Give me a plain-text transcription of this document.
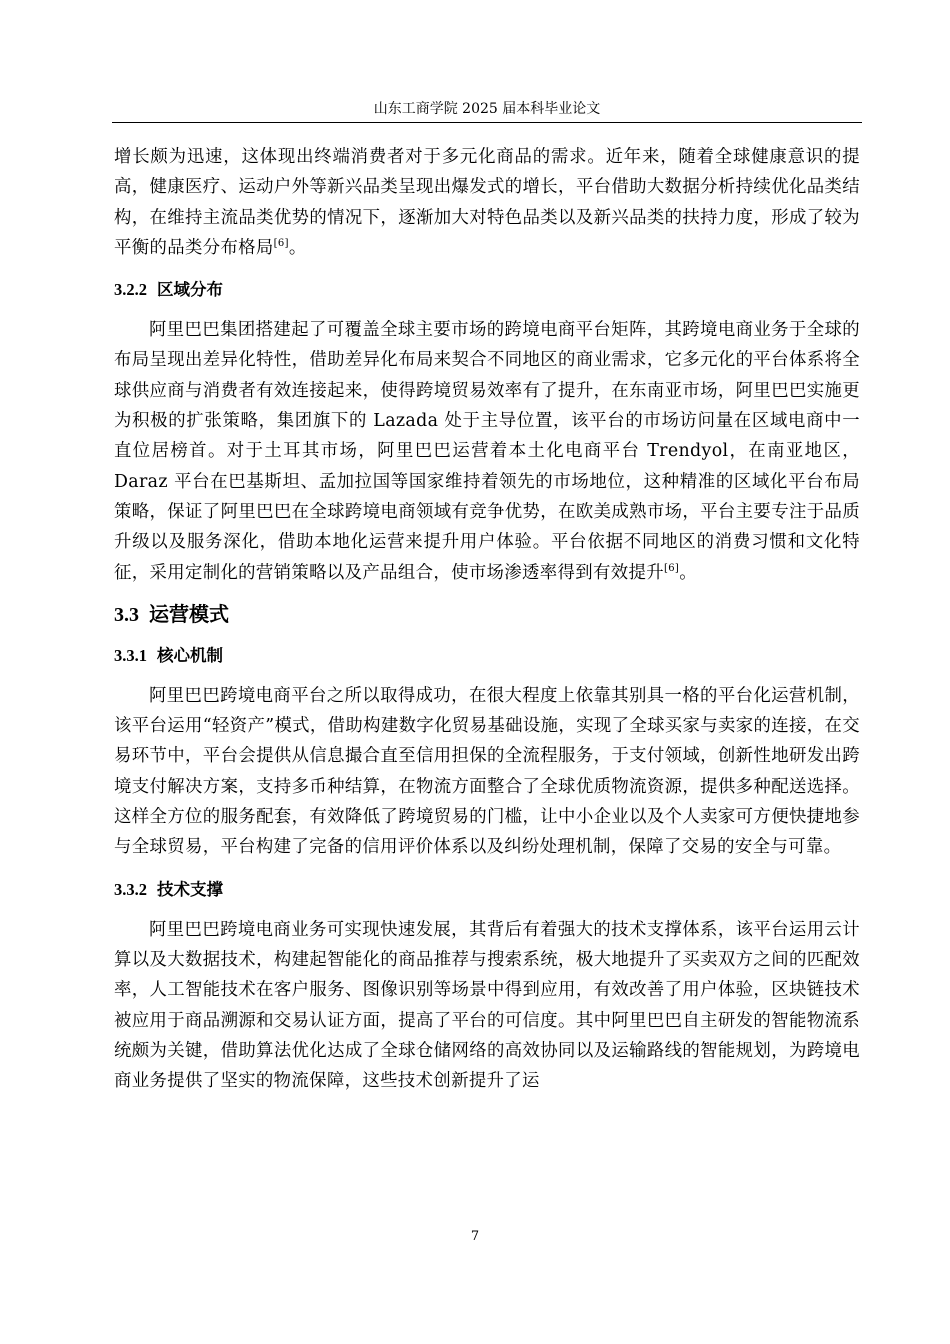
山东工商学院 2025 届本科毕业论文

增长颇为迅速，这体现出终端消费者对于多元化商品的需求。近年来，随着全球健康意识的提高，健康医疗、运动户外等新兴品类呈现出爆发式的增长，平台借助大数据分析持续优化品类结构，在维持主流品类优势的情况下，逐渐加大对特色品类以及新兴品类的扶持力度，形成了较为平衡的品类分布格局[6]。

3.2.2 区域分布

阿里巴巴集团搭建起了可覆盖全球主要市场的跨境电商平台矩阵，其跨境电商业务于全球的布局呈现出差异化特性，借助差异化布局来契合不同地区的商业需求，它多元化的平台体系将全球供应商与消费者有效连接起来，使得跨境贸易效率有了提升，在东南亚市场，阿里巴巴实施更为积极的扩张策略，集团旗下的 Lazada 处于主导位置，该平台的市场访问量在区域电商中一直位居榜首。对于土耳其市场，阿里巴巴运营着本土化电商平台 Trendyol，在南亚地区，Daraz 平台在巴基斯坦、孟加拉国等国家维持着领先的市场地位，这种精准的区域化平台布局策略，保证了阿里巴巴在全球跨境电商领域有竞争优势，在欧美成熟市场，平台主要专注于品质升级以及服务深化，借助本地化运营来提升用户体验。平台依据不同地区的消费习惯和文化特征，采用定制化的营销策略以及产品组合，使市场渗透率得到有效提升[6]。

3.3 运营模式
3.3.1 核心机制

阿里巴巴跨境电商平台之所以取得成功，在很大程度上依靠其别具一格的平台化运营机制，该平台运用“轻资产”模式，借助构建数字化贸易基础设施，实现了全球买家与卖家的连接，在交易环节中，平台会提供从信息撮合直至信用担保的全流程服务，于支付领域，创新性地研发出跨境支付解决方案，支持多币种结算，在物流方面整合了全球优质物流资源，提供多种配送选择。这样全方位的服务配套，有效降低了跨境贸易的门槛，让中小企业以及个人卖家可方便快捷地参与全球贸易，平台构建了完备的信用评价体系以及纠纷处理机制，保障了交易的安全与可靠。

3.3.2 技术支撑

阿里巴巴跨境电商业务可实现快速发展，其背后有着强大的技术支撑体系，该平台运用云计算以及大数据技术，构建起智能化的商品推荐与搜索系统，极大地提升了买卖双方之间的匹配效率，人工智能技术在客户服务、图像识别等场景中得到应用，有效改善了用户体验，区块链技术被应用于商品溯源和交易认证方面，提高了平台的可信度。其中阿里巴巴自主研发的智能物流系统颇为关键，借助算法优化达成了全球仓储网络的高效协同以及运输路线的智能规划，为跨境电商业务提供了坚实的物流保障，这些技术创新提升了运

7
